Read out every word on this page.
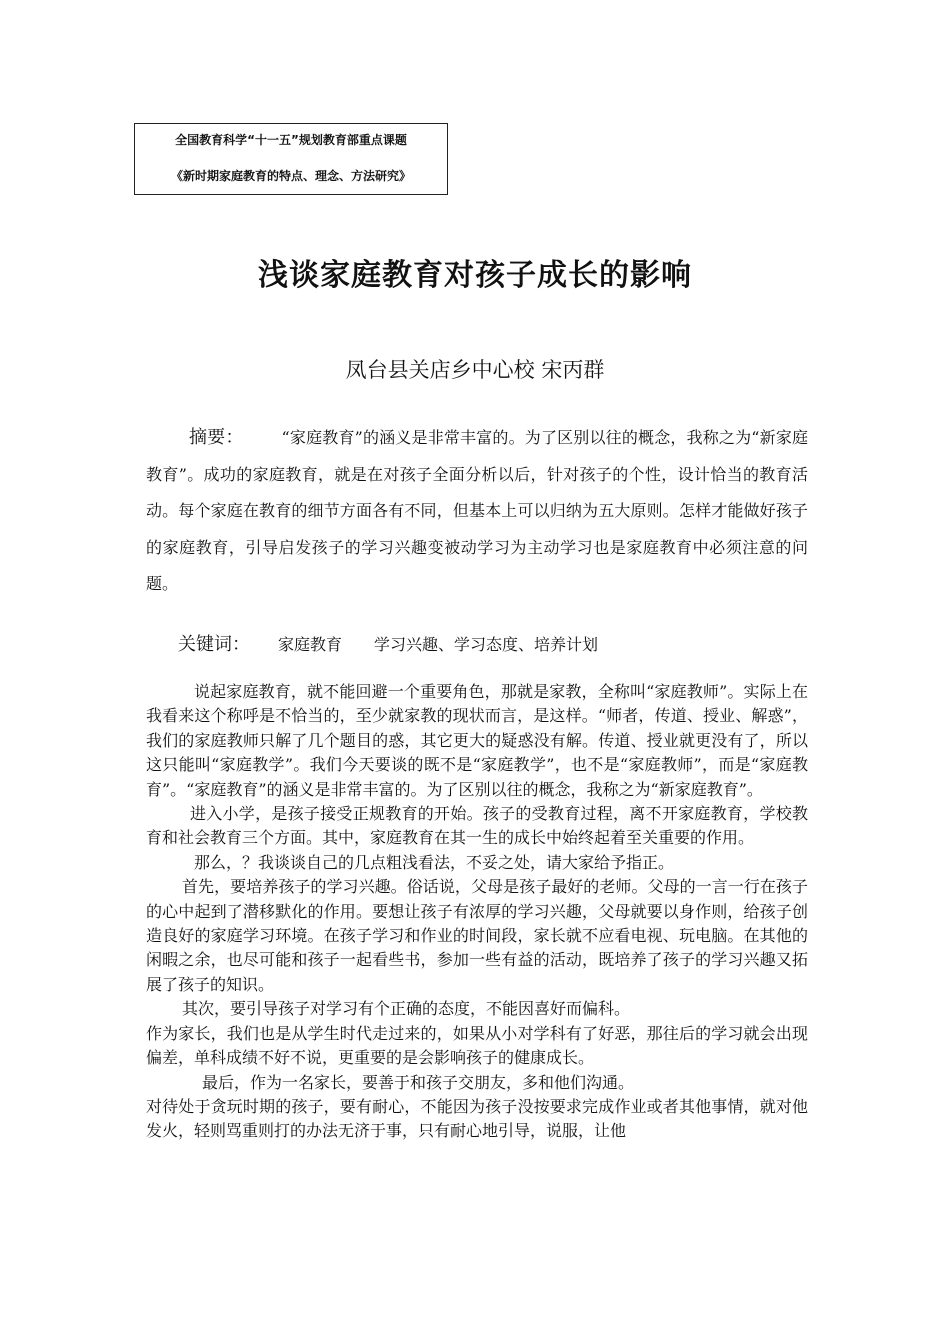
全国教育科学“十一五”规划教育部重点课题
《新时期家庭教育的特点、理念、方法研究》
浅谈家庭教育对孩子成长的影响
凤台县关店乡中心校 宋丙群
摘要： “家庭教育”的涵义是非常丰富的。为了区别以往的概念，我称之为“新家庭教育”。成功的家庭教育，就是在对孩子全面分析以后，针对孩子的个性，设计恰当的教育活动。每个家庭在教育的细节方面各有不同，但基本上可以归纳为五大原则。怎样才能做好孩子的家庭教育，引导启发孩子的学习兴趣变被动学习为主动学习也是家庭教育中必须注意的问题。
关键词： 家庭教育 学习兴趣、学习态度、培养计划

说起家庭教育，就不能回避一个重要角色，那就是家教，全称叫“家庭教师”。实际上在我看来这个称呼是不恰当的，至少就家教的现状而言，是这样。“师者，传道、授业、解惑”，我们的家庭教师只解了几个题目的惑，其它更大的疑惑没有解。传道、授业就更没有了，所以这只能叫“家庭教学”。我们今天要谈的既不是“家庭教学”，也不是“家庭教师”，而是“家庭教育”。“家庭教育”的涵义是非常丰富的。为了区别以往的概念，我称之为“新家庭教育”。

进入小学，是孩子接受正规教育的开始。孩子的受教育过程，离不开家庭教育，学校教育和社会教育三个方面。其中，家庭教育在其一生的成长中始终起着至关重要的作用。

那么，？我谈谈自己的几点粗浅看法，不妥之处，请大家给予指正。

首先，要培养孩子的学习兴趣。俗话说，父母是孩子最好的老师。父母的一言一行在孩子的心中起到了潜移默化的作用。要想让孩子有浓厚的学习兴趣，父母就要以身作则，给孩子创造良好的家庭学习环境。在孩子学习和作业的时间段，家长就不应看电视、玩电脑。在其他的闲暇之余，也尽可能和孩子一起看些书，参加一些有益的活动，既培养了孩子的学习兴趣又拓展了孩子的知识。

其次，要引导孩子对学习有个正确的态度，不能因喜好而偏科。

作为家长，我们也是从学生时代走过来的，如果从小对学科有了好恶，那往后的学习就会出现偏差，单科成绩不好不说，更重要的是会影响孩子的健康成长。

最后，作为一名家长，要善于和孩子交朋友，多和他们沟通。

对待处于贪玩时期的孩子，要有耐心，不能因为孩子没按要求完成作业或者其他事情，就对他发火，轻则骂重则打的办法无济于事，只有耐心地引导，说服，让他
